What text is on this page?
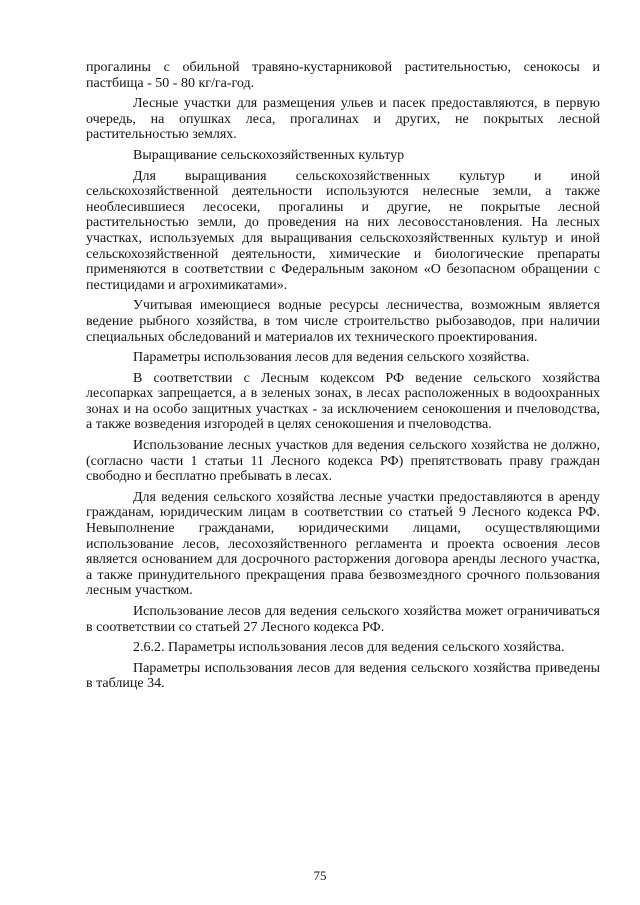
прогалины с обильной травяно-кустарниковой растительностью, сенокосы и пастбища - 50 - 80 кг/га-год.

Лесные участки для размещения ульев и пасек предоставляются, в первую очередь, на опушках леса, прогалинах и других, не покрытых лесной растительностью землях.

Выращивание сельскохозяйственных культур

Для выращивания сельскохозяйственных культур и иной сельскохозяйственной деятельности используются нелесные земли, а также необлесившиеся лесосеки, прогалины и другие, не покрытые лесной растительностью земли, до проведения на них лесовосстановления. На лесных участках, используемых для выращивания сельскохозяйственных культур и иной сельскохозяйственной деятельности, химические и биологические препараты применяются в соответствии с Федеральным законом «О безопасном обращении с пестицидами и агрохимикатами».

Учитывая имеющиеся водные ресурсы лесничества, возможным является ведение рыбного хозяйства, в том числе строительство рыбозаводов, при наличии специальных обследований и материалов их технического проектирования.

Параметры использования лесов для ведения сельского хозяйства.

В соответствии с Лесным кодексом РФ ведение сельского хозяйства лесопарках запрещается, а в зеленых зонах, в лесах расположенных в водоохранных зонах и на особо защитных участках - за исключением сенокошения и пчеловодства, а также возведения изгородей в целях сенокошения и пчеловодства.

Использование лесных участков для ведения сельского хозяйства не должно, (согласно части 1 статьи 11 Лесного кодекса РФ) препятствовать праву граждан свободно и бесплатно пребывать в лесах.

Для ведения сельского хозяйства лесные участки предоставляются в аренду гражданам, юридическим лицам в соответствии со статьей 9 Лесного кодекса РФ. Невыполнение гражданами, юридическими лицами, осуществляющими использование лесов, лесохозяйственного регламента и проекта освоения лесов является основанием для досрочного расторжения договора аренды лесного участка, а также принудительного прекращения права безвозмездного срочного пользования лесным участком.

Использование лесов для ведения сельского хозяйства может ограничиваться в соответствии со статьей 27 Лесного кодекса РФ.

2.6.2. Параметры использования лесов для ведения сельского хозяйства.

Параметры использования лесов для ведения сельского хозяйства приведены в таблице 34.

75
